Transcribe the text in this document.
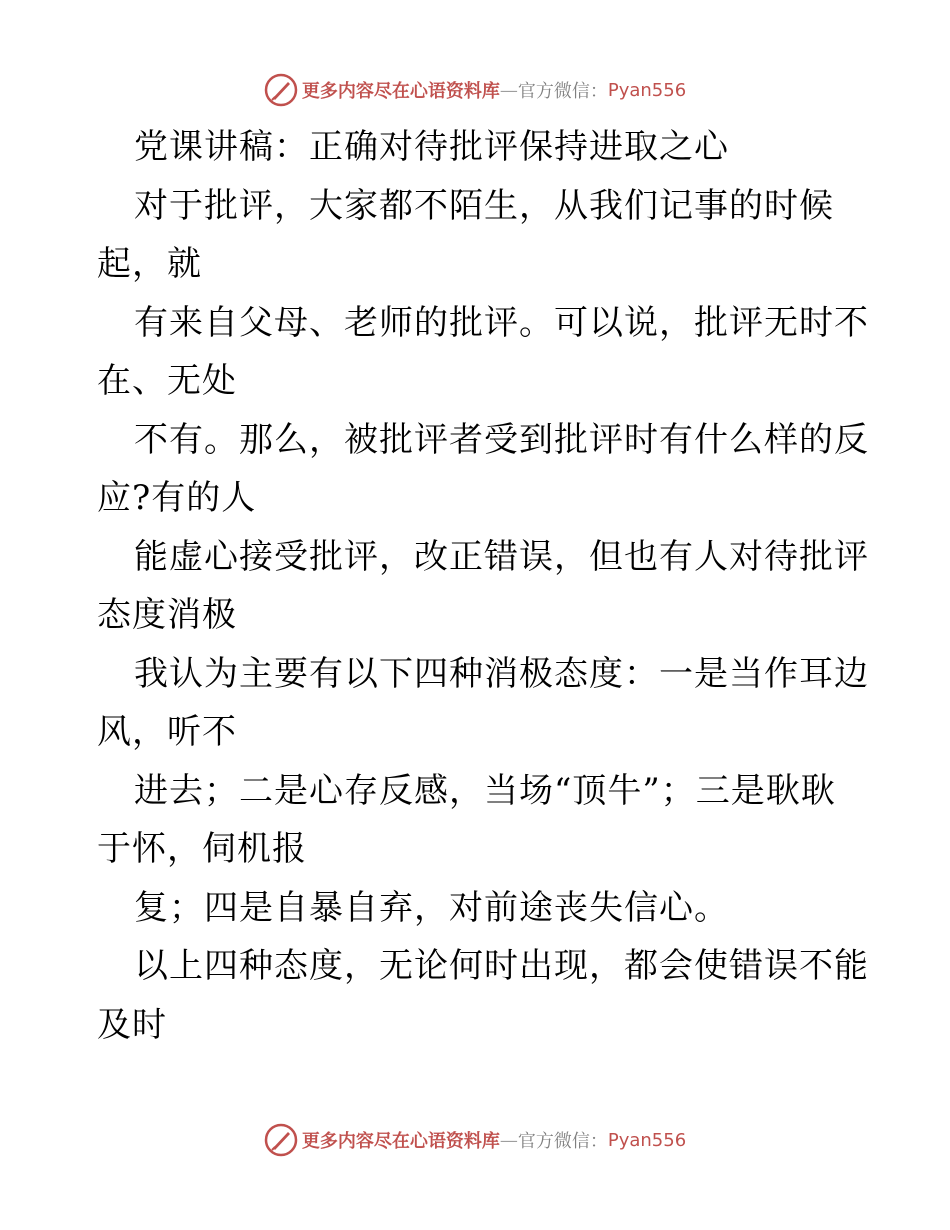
更多内容尽在心语资料库 — 官方微信： Pyan556
党课讲稿：正确对待批评保持进取之心
对于批评，大家都不陌生，从我们记事的时候
起，就
有来自父母、老师的批评。可以说，批评无时不
在、无处
不有。那么，被批评者受到批评时有什么样的反
应?有的人
能虚心接受批评，改正错误，但也有人对待批评
态度消极
我认为主要有以下四种消极态度：一是当作耳边
风，听不
进去；二是心存反感，当场“顶牛”；三是耿耿
于怀，伺机报
复；四是自暴自弃，对前途丧失信心。
以上四种态度，无论何时出现，都会使错误不能
及时
更多内容尽在心语资料库 — 官方微信： Pyan556
